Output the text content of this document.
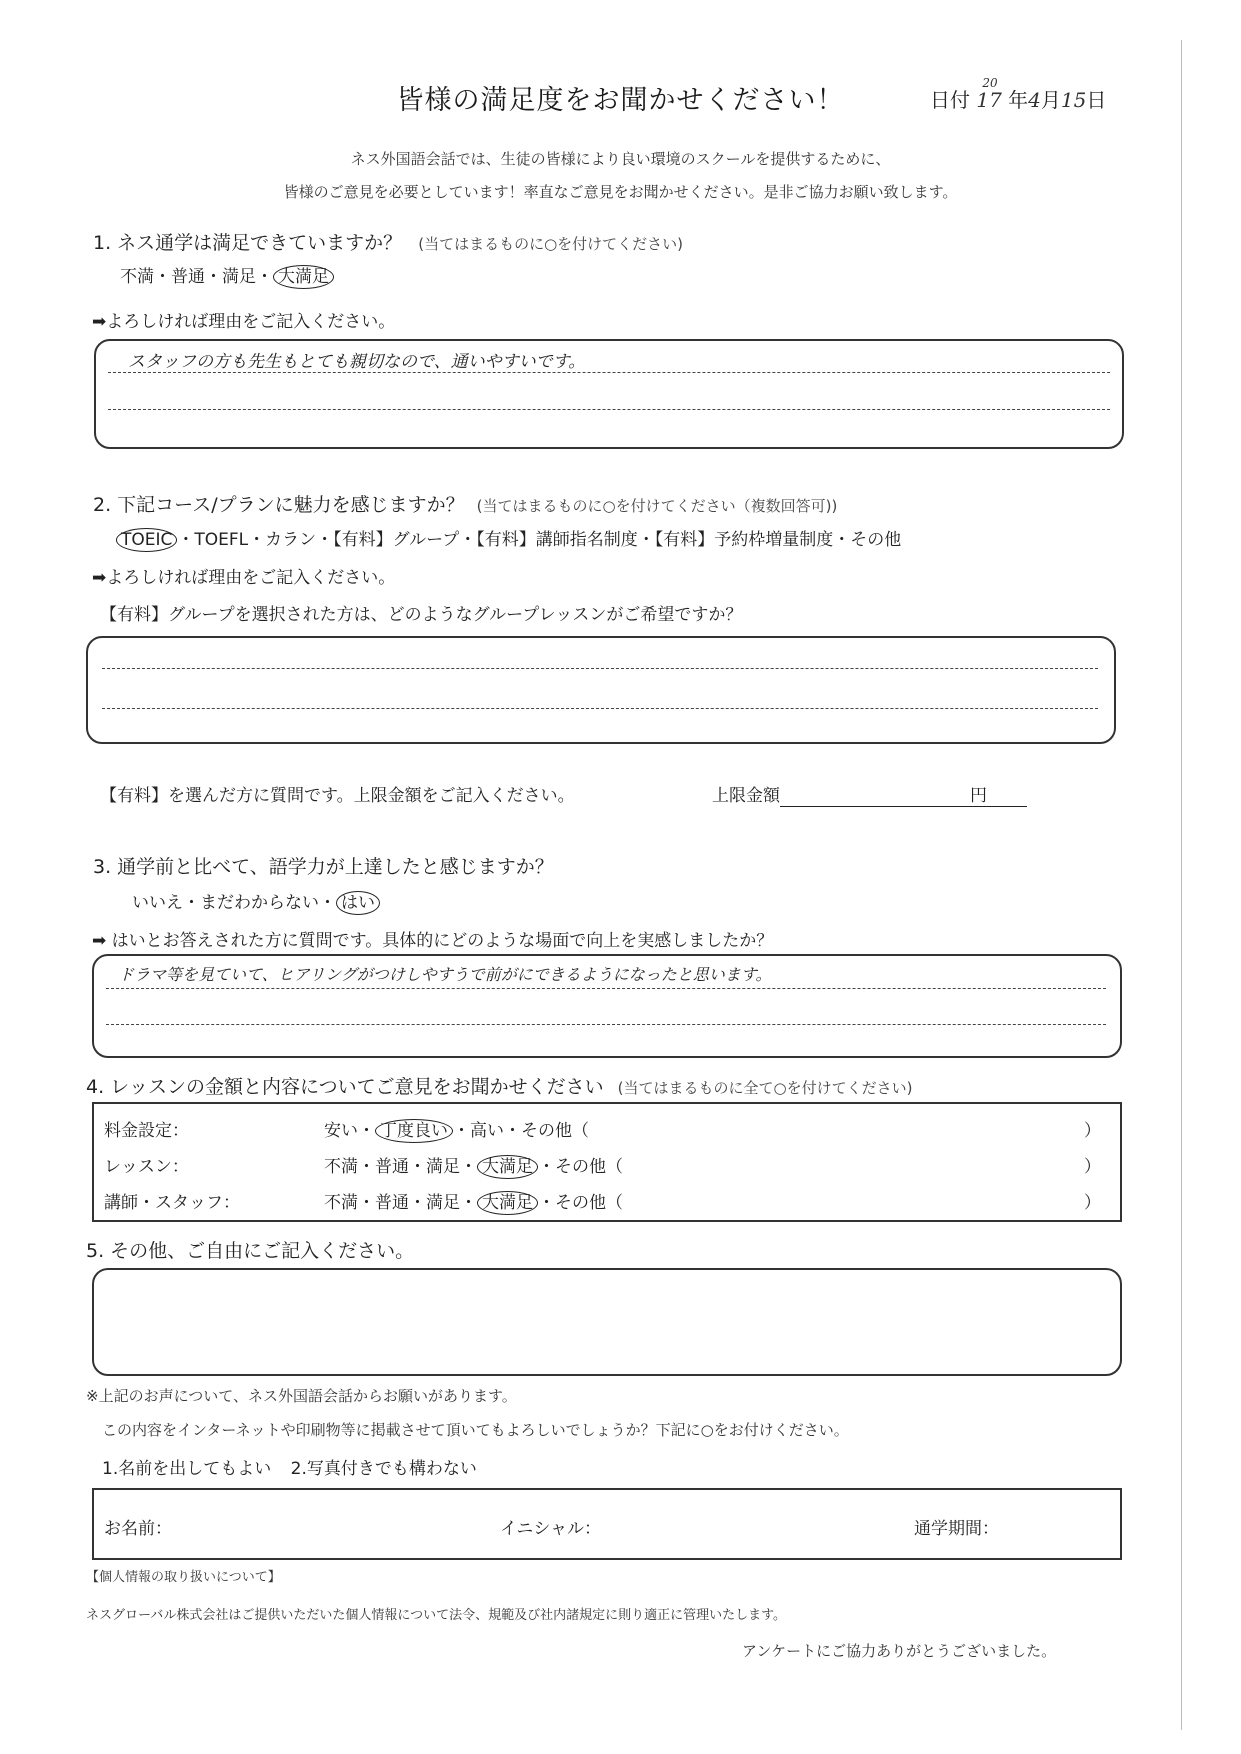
皆様の満足度をお聞かせください！	日付
20
17 年4月15日
ネス外国語会話では、生徒の皆様により良い環境のスクールを提供するために、
皆様のご意見を必要としています！率直なご意見をお聞かせください。是非ご協力お願い致します。
1. ネス通学は満足できていますか？ (当てはまるものに○を付けてください)
不満・普通・満足・ 大満足
➡よろしければ理由をご記入ください。
スタッフの方も先生もとても親切なので、通いやすいです。
2. 下記コース/プランに魅力を感じますか？ (当てはまるものに○を付けてください（複数回答可))
TOEIC ・TOEFL・カラン・【有料】グループ・【有料】講師指名制度・【有料】予約枠増量制度・その他
➡よろしければ理由をご記入ください。
【有料】グループを選択された方は、どのようなグループレッスンがご希望ですか？
【有料】を選んだ方に質問です。上限金額をご記入ください。	上限金額	円
3. 通学前と比べて、語学力が上達したと感じますか？
いいえ・まだわからない・ はい
➡ はいとお答えされた方に質問です。具体的にどのような場面で向上を実感しましたか？
ドラマ等を見ていて、ヒアリングがつけしやすうで前がにできるようになったと思います。
4. レッスンの金額と内容についてご意見をお聞かせください (当てはまるものに全て○を付けてください)
料金設定：	安い・ 丁度良い ・高い・その他（	）
レッスン：	不満・普通・満足・ 大満足 ・その他（	）
講師・スタッフ：	不満・普通・満足・ 大満足 ・その他（	）
5. その他、ご自由にご記入ください。
※上記のお声について、ネス外国語会話からお願いがあります。
この内容をインターネットや印刷物等に掲載させて頂いてもよろしいでしょうか？下記に○をお付けください。
1.名前を出してもよい 2.写真付きでも構わない
お名前：	イニシャル：	通学期間：
【個人情報の取り扱いについて】
ネスグローバル株式会社はご提供いただいた個人情報について法令、規範及び社内諸規定に則り適正に管理いたします。
アンケートにご協力ありがとうございました。
